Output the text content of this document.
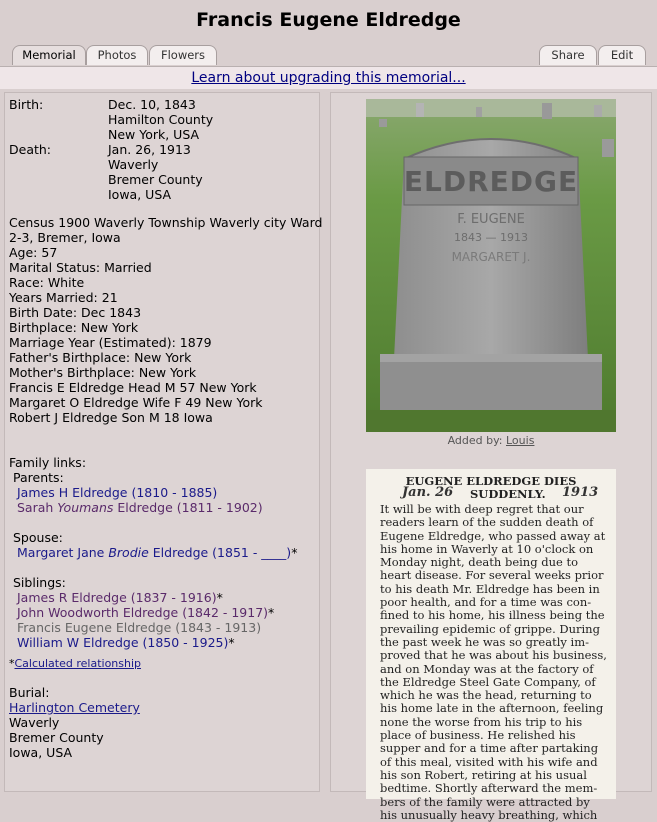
Francis Eugene Eldredge
Memorial	Photos	Flowers	Share	Edit
Learn about upgrading this memorial...
Birth:	Dec. 10, 1843
Hamilton County
New York, USA
Death:	Jan. 26, 1913
Waverly
Bremer County
Iowa, USA
Census 1900 Waverly Township Waverly city Ward
2-3, Bremer, Iowa
Age: 57
Marital Status: Married
Race: White
Years Married: 21
Birth Date: Dec 1843
Birthplace: New York
Marriage Year (Estimated): 1879
Father's Birthplace: New York
Mother's Birthplace: New York
Francis E Eldredge Head M 57 New York
Margaret O Eldredge Wife F 49 New York
Robert J Eldredge Son M 18 Iowa
Family links:
Parents:
James H Eldredge (1810 - 1885)
Sarah Youmans Eldredge (1811 - 1902)
Spouse:
Margaret Jane Brodie Eldredge (1851 - ____)*
Siblings:
James R Eldredge (1837 - 1916)*
John Woodworth Eldredge (1842 - 1917)*
Francis Eugene Eldredge (1843 - 1913)
William W Eldredge (1850 - 1925)*
*Calculated relationship
Burial:
Harlington Cemetery
Waverly
Bremer County
Iowa, USA
ELDREDGE
F. EUGENE
1843 — 1913
MARGARET J.
Added by: Louis
EUGENE ELDREDGE DIES
Jan. 26 SUDDENLY. 1913
It will be with deep regret that our
readers learn of the sudden death of
Eugene Eldredge, who passed away at
his home in Waverly at 10 o'clock on
Monday night, death being due to
heart disease. For several weeks prior
to his death Mr. Eldredge has been in
poor health, and for a time was con-
fined to his home, his illness being the
prevailing epidemic of grippe. During
the past week he was so greatly im-
proved that he was about his business,
and on Monday was at the factory of
the Eldredge Steel Gate Company, of
which he was the head, returning to
his home late in the afternoon, feeling
none the worse from his trip to his
place of business. He relished his
supper and for a time after partaking
of this meal, visited with his wife and
his son Robert, retiring at his usual
bedtime. Shortly afterward the mem-
bers of the family were attracted by
his unusually heavy breathing, which
